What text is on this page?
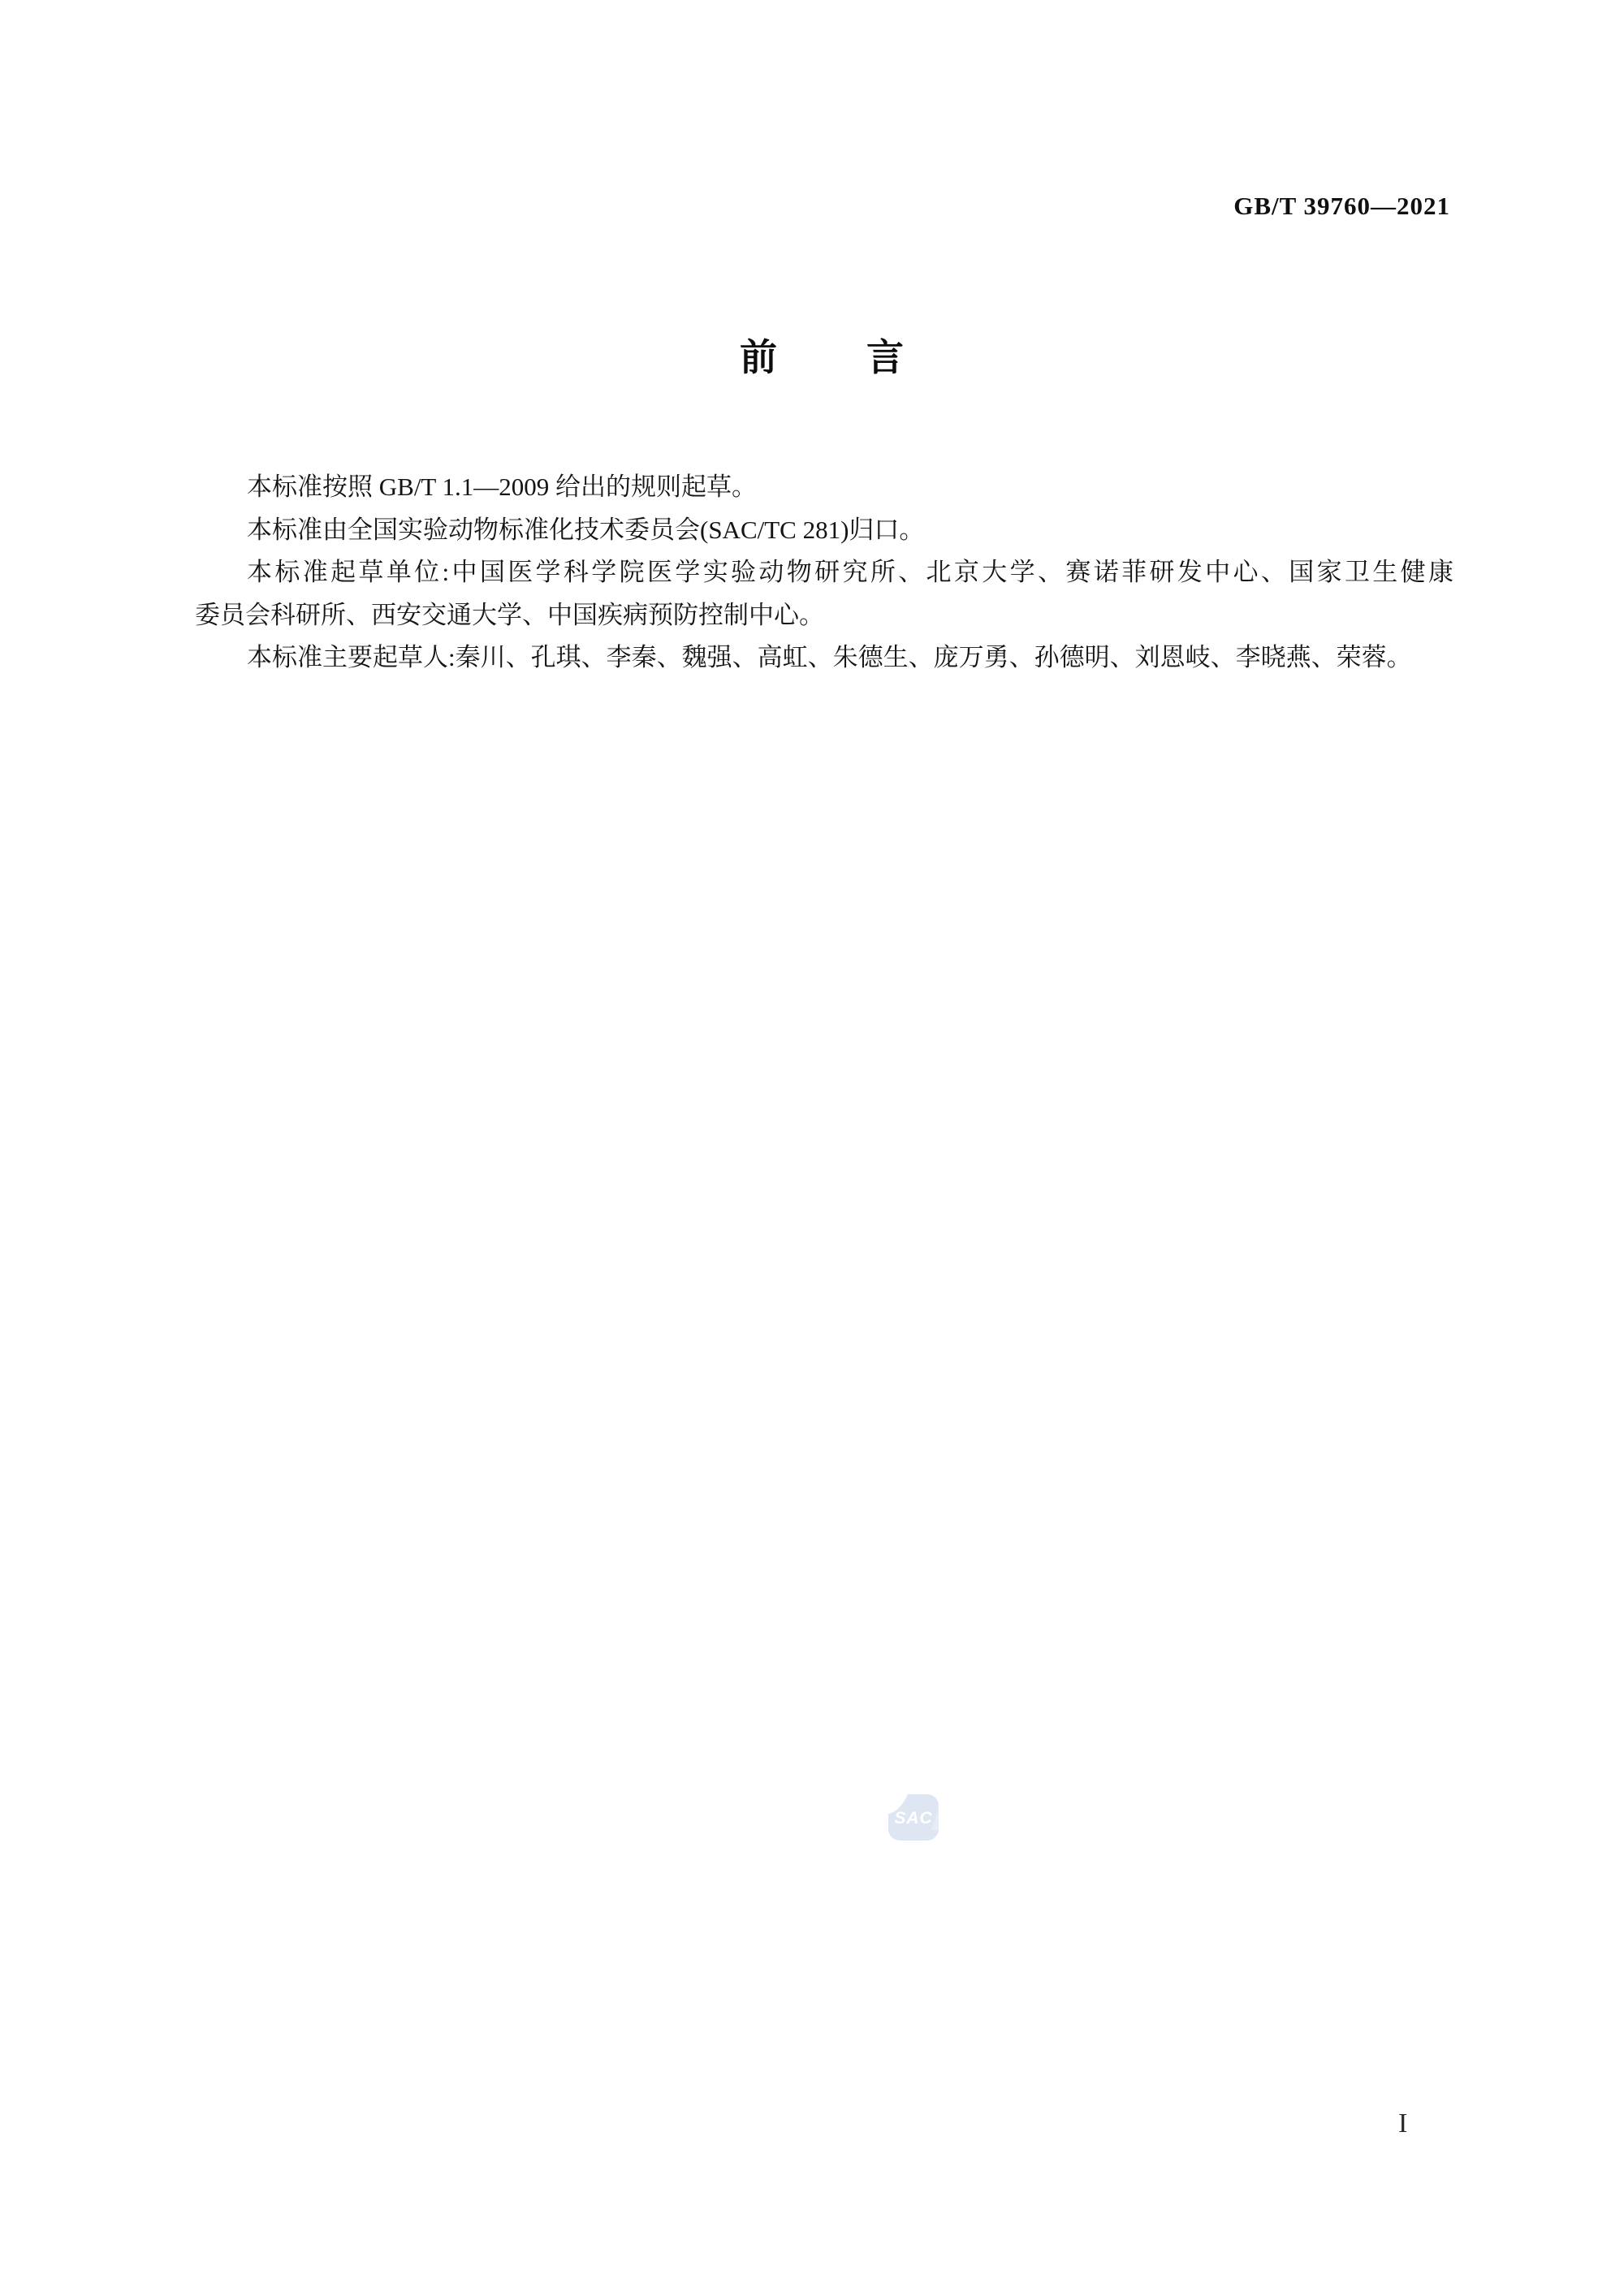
GB/T 39760—2021
前　　言
本标准按照 GB/T 1.1—2009 给出的规则起草。
本标准由全国实验动物标准化技术委员会(SAC/TC 281)归口。
本标准起草单位:中国医学科学院医学实验动物研究所、北京大学、赛诺菲研发中心、国家卫生健康
委员会科研所、西安交通大学、中国疾病预防控制中心。
本标准主要起草人:秦川、孔琪、李秦、魏强、高虹、朱德生、庞万勇、孙德明、刘恩岐、李晓燕、荣蓉。
SAC
I
